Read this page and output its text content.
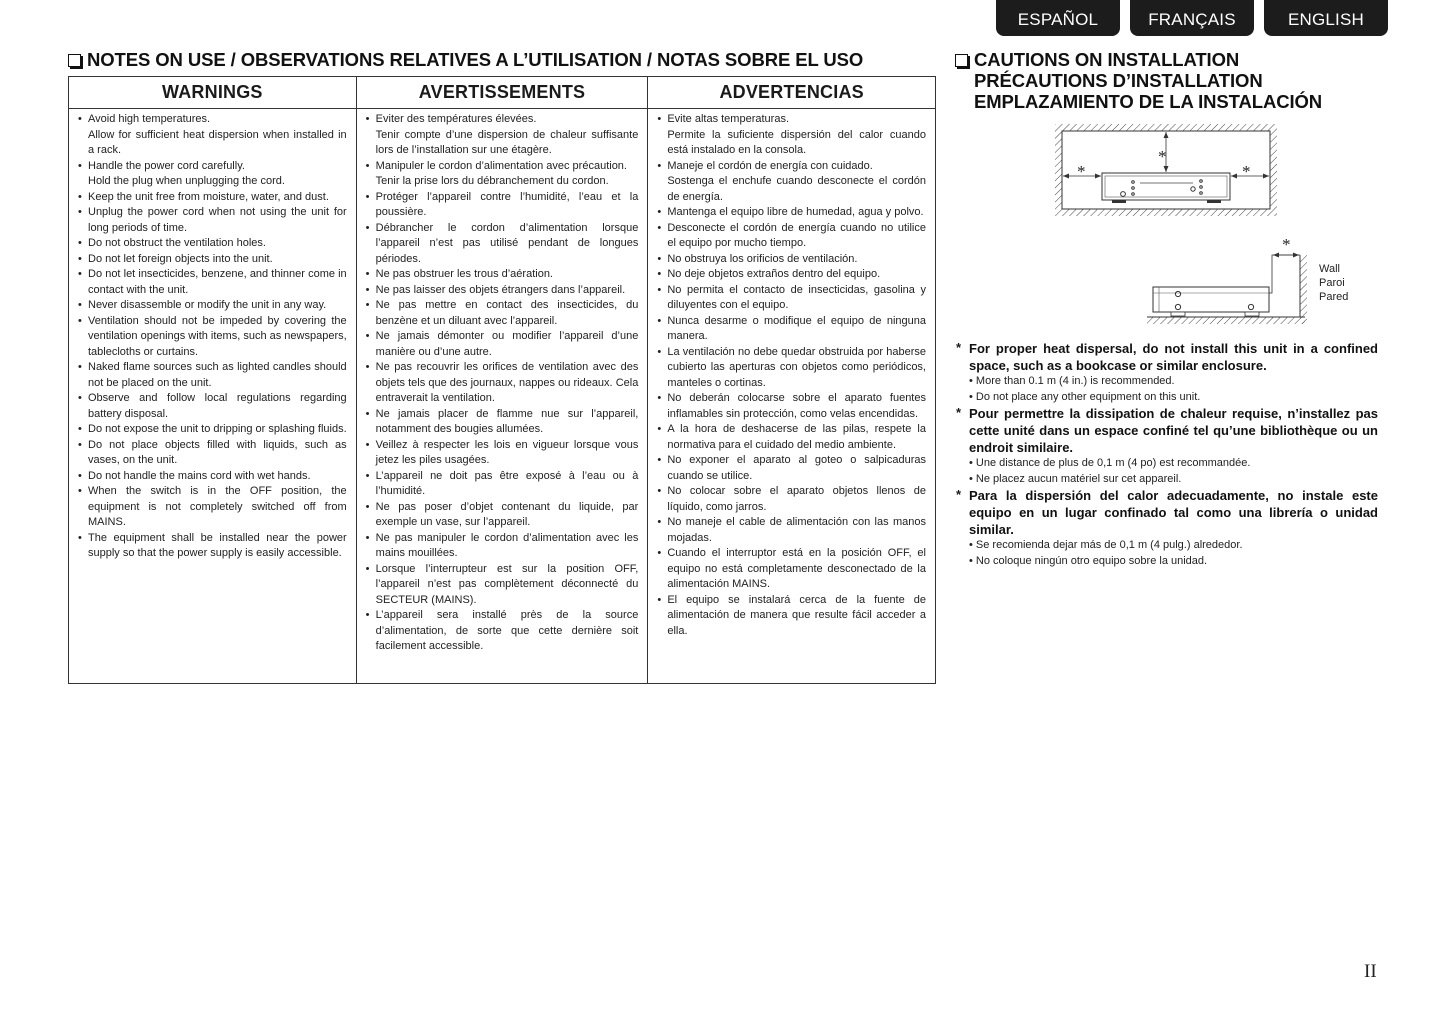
ESPAÑOL	FRANÇAIS	ENGLISH
NOTES ON USE / OBSERVATIONS RELATIVES A L’UTILISATION / NOTAS SOBRE EL USO	CAUTIONS ON INSTALLATION
PRÉCAUTIONS D’INSTALLATION
EMPLAZAMIENTO DE LA INSTALACIÓN
WARNINGS
• Avoid high temperatures.
Allow for sufficient heat dispersion when installed in a rack.
• Handle the power cord carefully.
Hold the plug when unplugging the cord.
• Keep the unit free from moisture, water, and dust.
• Unplug the power cord when not using the unit for long periods of time.
• Do not obstruct the ventilation holes.
• Do not let foreign objects into the unit.
• Do not let insecticides, benzene, and thinner come in contact with the unit.
• Never disassemble or modify the unit in any way.
• Ventilation should not be impeded by covering the ventilation openings with items, such as newspapers, tablecloths or curtains.
• Naked flame sources such as lighted candles should not be placed on the unit.
• Observe and follow local regulations regarding battery disposal.
• Do not expose the unit to dripping or splashing fluids.
• Do not place objects filled with liquids, such as vases, on the unit.
• Do not handle the mains cord with wet hands.
• When the switch is in the OFF position, the equipment is not completely switched off from MAINS.
• The equipment shall be installed near the power supply so that the power supply is easily accessible.
AVERTISSEMENTS
• Eviter des températures élevées.
Tenir compte d’une dispersion de chaleur suffisante lors de l’installation sur une étagère.
• Manipuler le cordon d’alimentation avec précaution.
Tenir la prise lors du débranchement du cordon.
• Protéger l’appareil contre l’humidité, l’eau et la poussière.
• Débrancher le cordon d’alimentation lorsque l’appareil n’est pas utilisé pendant de longues périodes.
• Ne pas obstruer les trous d’aération.
• Ne pas laisser des objets étrangers dans l’appareil.
• Ne pas mettre en contact des insecticides, du benzène et un diluant avec l’appareil.
• Ne jamais démonter ou modifier l’appareil d’une manière ou d’une autre.
• Ne pas recouvrir les orifices de ventilation avec des objets tels que des journaux, nappes ou rideaux. Cela entraverait la ventilation.
• Ne jamais placer de flamme nue sur l’appareil, notamment des bougies allumées.
• Veillez à respecter les lois en vigueur lorsque vous jetez les piles usagées.
• L’appareil ne doit pas être exposé à l’eau ou à l’humidité.
• Ne pas poser d’objet contenant du liquide, par exemple un vase, sur l’appareil.
• Ne pas manipuler le cordon d’alimentation avec les mains mouillées.
• Lorsque l’interrupteur est sur la position OFF, l’appareil n’est pas complètement déconnecté du SECTEUR (MAINS).
• L’appareil sera installé près de la source d’alimentation, de sorte que cette dernière soit facilement accessible.
ADVERTENCIAS
• Evite altas temperaturas.
Permite la suficiente dispersión del calor cuando está instalado en la consola.
• Maneje el cordón de energía con cuidado.
Sostenga el enchufe cuando desconecte el cordón de energía.
• Mantenga el equipo libre de humedad, agua y polvo.
• Desconecte el cordón de energía cuando no utilice el equipo por mucho tiempo.
• No obstruya los orificios de ventilación.
• No deje objetos extraños dentro del equipo.
• No permita el contacto de insecticidas, gasolina y diluyentes con el equipo.
• Nunca desarme o modifique el equipo de ninguna manera.
• La ventilación no debe quedar obstruida por haberse cubierto las aperturas con objetos como periódicos, manteles o cortinas.
• No deberán colocarse sobre el aparato fuentes inflamables sin protección, como velas encendidas.
• A la hora de deshacerse de las pilas, respete la normativa para el cuidado del medio ambiente.
• No exponer el aparato al goteo o salpicaduras cuando se utilice.
• No colocar sobre el aparato objetos llenos de líquido, como jarros.
• No maneje el cable de alimentación con las manos mojadas.
• Cuando el interruptor está en la posición OFF, el equipo no está completamente desconectado de la alimentación MAINS.
• El equipo se instalará cerca de la fuente de alimentación de manera que resulte fácil acceder a ella.
*
*	*
*
Wall
Paroi
Pared
* For proper heat dispersal, do not install this unit in a confined space, such as a bookcase or similar enclosure.
• More than 0.1 m (4 in.) is recommended.
• Do not place any other equipment on this unit.
* Pour permettre la dissipation de chaleur requise, n’installez pas cette unité dans un espace confiné tel qu’une bibliothèque ou un endroit similaire.
• Une distance de plus de 0,1 m (4 po) est recommandée.
• Ne placez aucun matériel sur cet appareil.
* Para la dispersión del calor adecuadamente, no instale este equipo en un lugar confinado tal como una librería o unidad similar.
• Se recomienda dejar más de 0,1 m (4 pulg.) alrededor.
• No coloque ningún otro equipo sobre la unidad.
II
